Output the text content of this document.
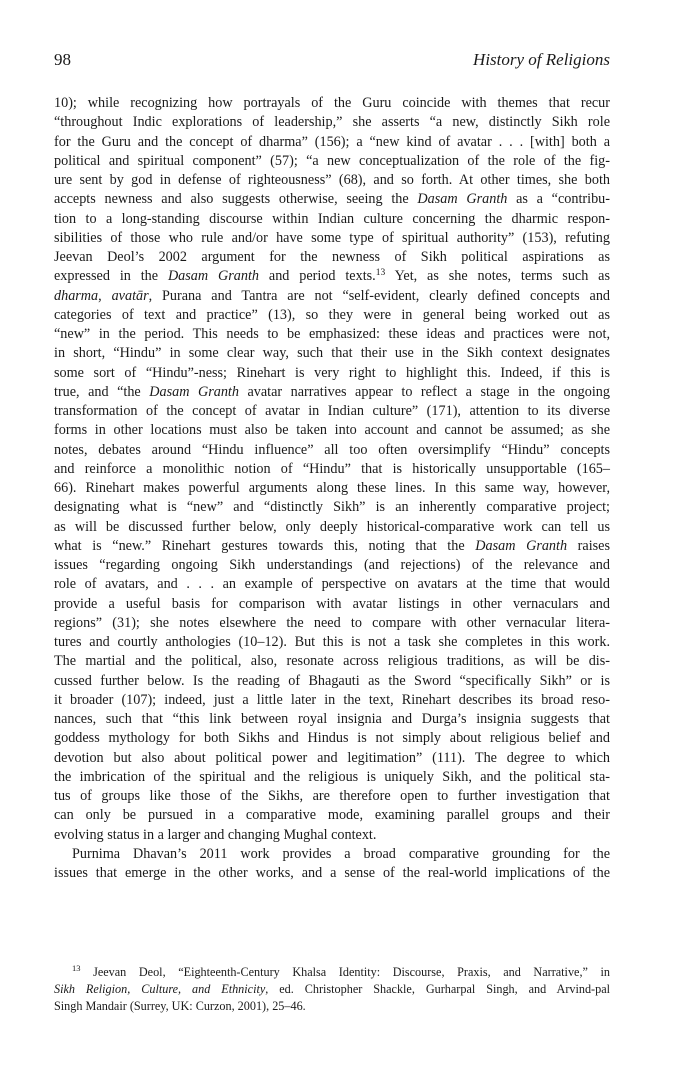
98	History of Religions
10); while recognizing how portrayals of the Guru coincide with themes that recur
“throughout Indic explorations of leadership,” she asserts “a new, distinctly Sikh role
for the Guru and the concept of dharma” (156); a “new kind of avatar . . . [with] both a
political and spiritual component” (57); “a new conceptualization of the role of the fig-
ure sent by god in defense of righteousness” (68), and so forth. At other times, she both
accepts newness and also suggests otherwise, seeing the Dasam Granth as a “contribu-
tion to a long-standing discourse within Indian culture concerning the dharmic respon-
sibilities of those who rule and/or have some type of spiritual authority” (153), refuting
Jeevan Deol’s 2002 argument for the newness of Sikh political aspirations as
expressed in the Dasam Granth and period texts.$^{13}$ Yet, as she notes, terms such as
dharma, avatār, Purana and Tantra are not “self-evident, clearly defined concepts and
categories of text and practice” (13), so they were in general being worked out as
“new” in the period. This needs to be emphasized: these ideas and practices were not,
in short, “Hindu” in some clear way, such that their use in the Sikh context designates
some sort of “Hindu”-ness; Rinehart is very right to highlight this. Indeed, if this is
true, and “the Dasam Granth avatar narratives appear to reflect a stage in the ongoing
transformation of the concept of avatar in Indian culture” (171), attention to its diverse
forms in other locations must also be taken into account and cannot be assumed; as she
notes, debates around “Hindu influence” all too often oversimplify “Hindu” concepts
and reinforce a monolithic notion of “Hindu” that is historically unsupportable (165–
66). Rinehart makes powerful arguments along these lines. In this same way, however,
designating what is “new” and “distinctly Sikh” is an inherently comparative project;
as will be discussed further below, only deeply historical-comparative work can tell us
what is “new.” Rinehart gestures towards this, noting that the Dasam Granth raises
issues “regarding ongoing Sikh understandings (and rejections) of the relevance and
role of avatars, and . . . an example of perspective on avatars at the time that would
provide a useful basis for comparison with avatar listings in other vernaculars and
regions” (31); she notes elsewhere the need to compare with other vernacular litera-
tures and courtly anthologies (10–12). But this is not a task she completes in this work.
The martial and the political, also, resonate across religious traditions, as will be dis-
cussed further below. Is the reading of Bhagauti as the Sword “specifically Sikh” or is
it broader (107); indeed, just a little later in the text, Rinehart describes its broad reso-
nances, such that “this link between royal insignia and Durga’s insignia suggests that
goddess mythology for both Sikhs and Hindus is not simply about religious belief and
devotion but also about political power and legitimation” (111). The degree to which
the imbrication of the spiritual and the religious is uniquely Sikh, and the political sta-
tus of groups like those of the Sikhs, are therefore open to further investigation that
can only be pursued in a comparative mode, examining parallel groups and their
evolving status in a larger and changing Mughal context.
Purnima Dhavan’s 2011 work provides a broad comparative grounding for the
issues that emerge in the other works, and a sense of the real-world implications of the
$^{13}$ Jeevan Deol, “Eighteenth-Century Khalsa Identity: Discourse, Praxis, and Narrative,” in
Sikh Religion, Culture, and Ethnicity, ed. Christopher Shackle, Gurharpal Singh, and Arvind-pal
Singh Mandair (Surrey, UK: Curzon, 2001), 25–46.
